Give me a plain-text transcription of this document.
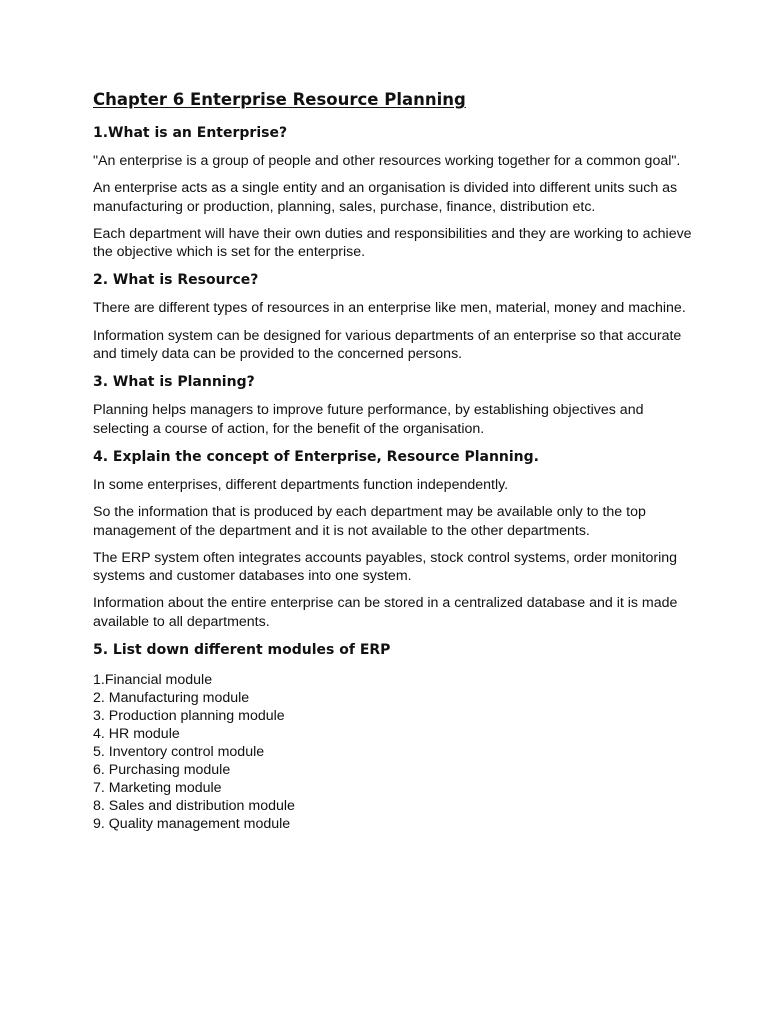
Chapter 6 Enterprise Resource Planning
1.What is an Enterprise?

"An enterprise is a group of people and other resources working together for a common goal".

An enterprise acts as a single entity and an organisation is divided into different units such as manufacturing or production, planning, sales, purchase, finance, distribution etc.

Each department will have their own duties and responsibilities and they are working to achieve the objective which is set for the enterprise.

2. What is Resource?

There are different types of resources in an enterprise like men, material, money and machine.

Information system can be designed for various departments of an enterprise so that accurate and timely data can be provided to the concerned persons.

3. What is Planning?

Planning helps managers to improve future performance, by establishing objectives and selecting a course of action, for the benefit of the organisation.

4. Explain the concept of Enterprise, Resource Planning.

In some enterprises, different departments function independently.

So the information that is produced by each department may be available only to the top management of the department and it is not available to the other departments.

The ERP system often integrates accounts payables, stock control systems, order monitoring systems and customer databases into one system.

Information about the entire enterprise can be stored in a centralized database and it is made available to all departments.

5. List down different modules of ERP
1.Financial module
2. Manufacturing module
3. Production planning module
4. HR module
5. Inventory control module
6. Purchasing module
7. Marketing module
8. Sales and distribution module
9. Quality management module
